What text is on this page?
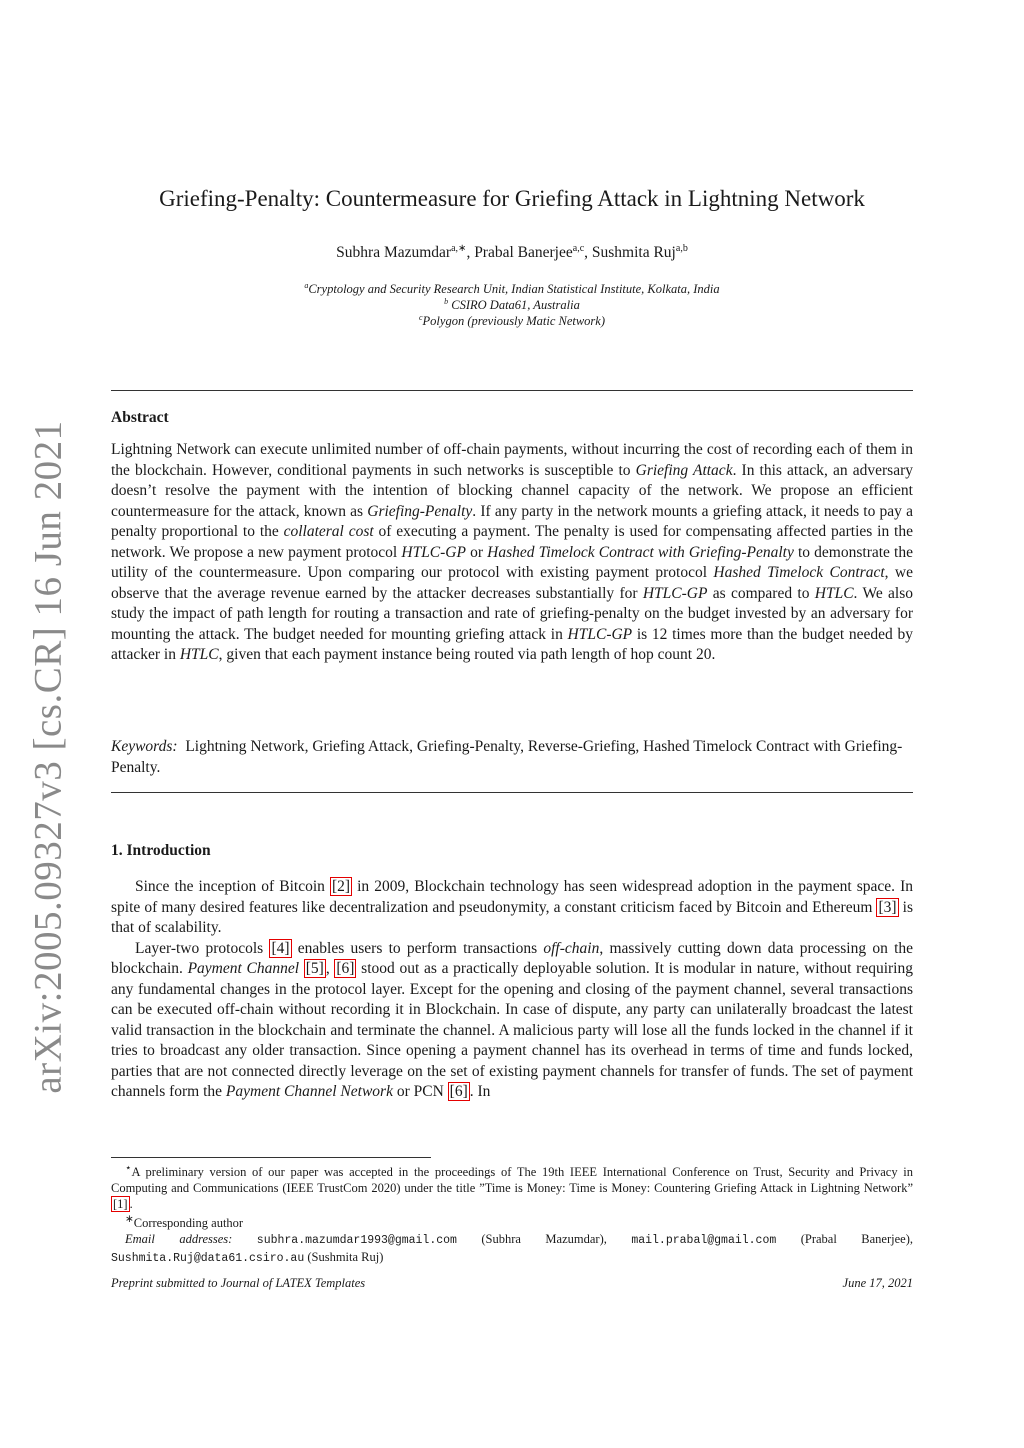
arXiv:2005.09327v3 [cs.CR] 16 Jun 2021
Griefing-Penalty: Countermeasure for Griefing Attack in Lightning Network
Subhra Mazumdar$^{a,∗}$, Prabal Banerjee$^{a,c}$, Sushmita Ruj$^{a,b}$
$^a$Cryptology and Security Research Unit, Indian Statistical Institute, Kolkata, India
$^b$ CSIRO Data61, Australia
$^c$Polygon (previously Matic Network)
Abstract

Lightning Network can execute unlimited number of off-chain payments, without incurring the cost of recording each of them in the blockchain. However, conditional payments in such networks is susceptible to Griefing Attack. In this attack, an adversary doesn’t resolve the payment with the intention of blocking channel capacity of the network. We propose an efficient countermeasure for the attack, known as Griefing-Penalty. If any party in the network mounts a griefing attack, it needs to pay a penalty proportional to the collateral cost of executing a payment. The penalty is used for compensating affected parties in the network. We propose a new payment protocol HTLC-GP or Hashed Timelock Contract with Griefing-Penalty to demonstrate the utility of the countermeasure. Upon comparing our protocol with existing payment protocol Hashed Timelock Contract, we observe that the average revenue earned by the attacker decreases substantially for HTLC-GP as compared to HTLC. We also study the impact of path length for routing a transaction and rate of griefing-penalty on the budget invested by an adversary for mounting the attack. The budget needed for mounting griefing attack in HTLC-GP is 12 times more than the budget needed by attacker in HTLC, given that each payment instance being routed via path length of hop count 20.

Keywords: Lightning Network, Griefing Attack, Griefing-Penalty, Reverse-Griefing, Hashed Timelock Contract with Griefing-Penalty.

1. Introduction

Since the inception of Bitcoin [2] in 2009, Blockchain technology has seen widespread adoption in the payment space. In spite of many desired features like decentralization and pseudonymity, a constant criticism faced by Bitcoin and Ethereum [3] is that of scalability.

Layer-two protocols [4] enables users to perform transactions off-chain, massively cutting down data processing on the blockchain. Payment Channel [5] , [6] stood out as a practically deployable solution. It is modular in nature, without requiring any fundamental changes in the protocol layer. Except for the opening and closing of the payment channel, several transactions can be executed off-chain without recording it in Blockchain. In case of dispute, any party can unilaterally broadcast the latest valid transaction in the blockchain and terminate the channel. A malicious party will lose all the funds locked in the channel if it tries to broadcast any older transaction. Since opening a payment channel has its overhead in terms of time and funds locked, parties that are not connected directly leverage on the set of existing payment channels for transfer of funds. The set of payment channels form the Payment Channel Network or PCN [6] . In

⋆A preliminary version of our paper was accepted in the proceedings of The 19th IEEE International Conference on Trust, Security and Privacy in Computing and Communications (IEEE TrustCom 2020) under the title ”Time is Money: Time is Money: Countering Griefing Attack in Lightning Network” [1] .

∗Corresponding author

Email addresses: subhra.mazumdar1993@gmail.com (Subhra Mazumdar), mail.prabal@gmail.com (Prabal Banerjee), Sushmita.Ruj@data61.csiro.au (Sushmita Ruj)

Preprint submitted to Journal of LATEX Templates	June 17, 2021
